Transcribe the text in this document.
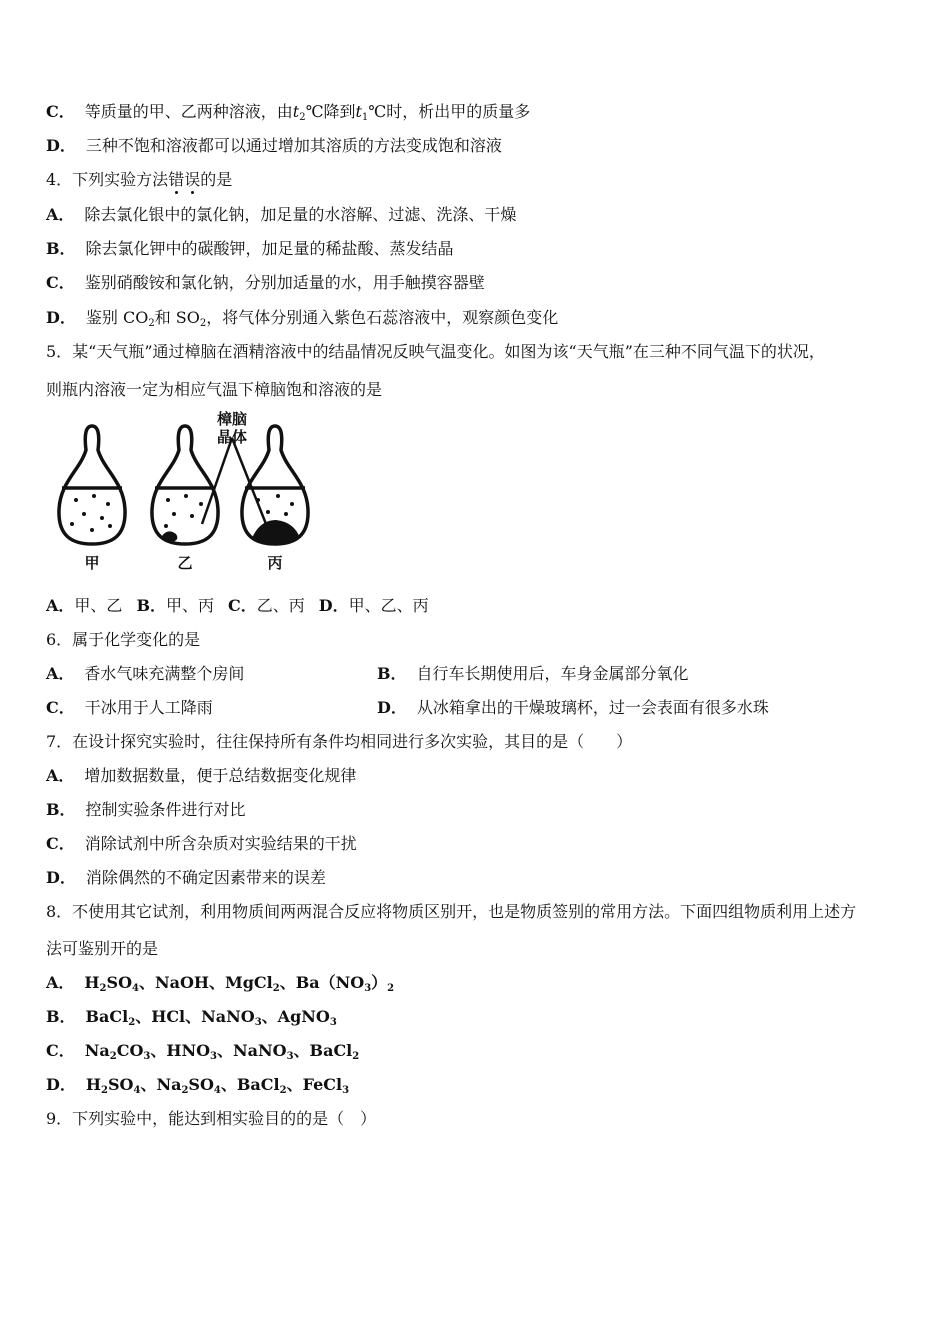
C． 等质量的甲、乙两种溶液，由$t_2℃$降到$t_1℃$时，析出甲的质量多
D． 三种不饱和溶液都可以通过增加其溶质的方法变成饱和溶液
4．下列实验方法错误的是
A． 除去氯化银中的氯化钠，加足量的水溶解、过滤、洗涤、干燥
B． 除去氯化钾中的碳酸钾，加足量的稀盐酸、蒸发结晶
C． 鉴别硝酸铵和氯化钠，分别加适量的水，用手触摸容器壁
D． 鉴别 $CO_2$和 $SO_2$，将气体分别通入紫色石蕊溶液中，观察颜色变化
5．某“天气瓶”通过樟脑在酒精溶液中的结晶情况反映气温变化。如图为该“天气瓶”在三种不同气温下的状况，
则瓶内溶液一定为相应气温下樟脑饱和溶液的是
樟脑
晶体
甲	乙	丙
A．甲、乙 B．甲、丙 C．乙、丙 D．甲、乙、丙
6．属于化学变化的是
A． 香水气味充满整个房间	B． 自行车长期使用后，车身金属部分氧化
C． 干冰用于人工降雨	D． 从冰箱拿出的干燥玻璃杯，过一会表面有很多水珠
7．在设计探究实验时，往往保持所有条件均相同进行多次实验，其目的是（　　）
A． 增加数据数量，便于总结数据变化规律
B． 控制实验条件进行对比
C． 消除试剂中所含杂质对实验结果的干扰
D． 消除偶然的不确定因素带来的误差
8．不使用其它试剂，利用物质间两两混合反应将物质区别开，也是物质签别的常用方法。下面四组物质利用上述方
法可鉴别开的是
A． $H_2SO_4$、NaOH、MgCl$_2$、$Ba(NO_3)_2$
B． BaCl$_2$、HCl、NaNO$_3$、AgNO$_3$
C． $Na_2CO_3$、$HNO_3$、NaNO$_3$、BaCl$_2$
D． $H_2SO_4$、$Na_2SO_4$、BaCl$_2$、FeCl$_3$
9．下列实验中，能达到相实验目的的是（　）
